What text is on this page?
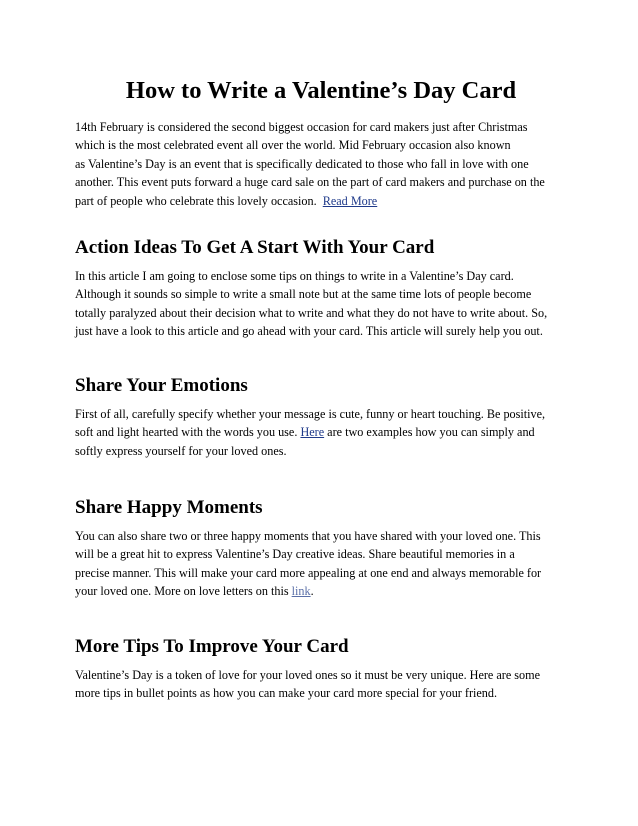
How to Write a Valentine’s Day Card

14th February is considered the second biggest occasion for card makers just after Christmas
which is the most celebrated event all over the world. Mid February occasion also known
as Valentine’s Day is an event that is specifically dedicated to those who fall in love with one
another. This event puts forward a huge card sale on the part of card makers and purchase on the
part of people who celebrate this lovely occasion.  Read More

Action Ideas To Get A Start With Your Card

In this article I am going to enclose some tips on things to write in a Valentine’s Day card.
Although it sounds so simple to write a small note but at the same time lots of people become
totally paralyzed about their decision what to write and what they do not have to write about. So,
just have a look to this article and go ahead with your card. This article will surely help you out.

Share Your Emotions

First of all, carefully specify whether your message is cute, funny or heart touching. Be positive,
soft and light hearted with the words you use. Here are two examples how you can simply and
softly express yourself for your loved ones.

Share Happy Moments

You can also share two or three happy moments that you have shared with your loved one. This
will be a great hit to express Valentine’s Day creative ideas. Share beautiful memories in a
precise manner. This will make your card more appealing at one end and always memorable for
your loved one. More on love letters on this link.

More Tips To Improve Your Card

Valentine’s Day is a token of love for your loved ones so it must be very unique. Here are some
more tips in bullet points as how you can make your card more special for your friend.
